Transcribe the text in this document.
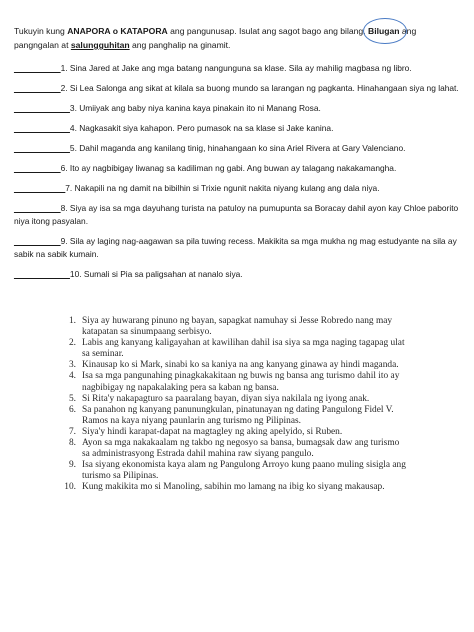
Tukuyin kung ANAPORA o KATAPORA ang pangunusap. Isulat ang sagot bago ang bilang. Bilugan ang
pangngalan at salungguhitan ang panghalip na ginamit.
__________1. Sina Jared at Jake ang mga batang nangunguna sa klase. Sila ay mahilig magbasa ng libro.
__________2. Si Lea Salonga ang sikat at kilala sa buong mundo sa larangan ng pagkanta. Hinahangaan siya ng lahat.
____________3. Umiiyak ang baby niya kanina kaya pinakain ito ni Manang Rosa.
____________4. Nagkasakit siya kahapon. Pero pumasok na sa klase si Jake kanina.
____________5. Dahil maganda ang kanilang tinig, hinahangaan ko sina Ariel Rivera at Gary Valenciano.
__________6. Ito ay nagbibigay liwanag sa kadiliman ng gabi. Ang buwan ay talagang nakakamangha.
___________7. Nakapili na ng damit na bibilhin si Trixie ngunit nakita niyang kulang ang dala niya.
__________8. Siya ay isa sa mga dayuhang turista na patuloy na pumupunta sa Boracay dahil ayon kay Chloe paborito niya itong pasyalan.
__________9. Sila ay laging nag-aagawan sa pila tuwing recess. Makikita sa mga mukha ng mag estudyante na sila ay sabik na sabik kumain.
____________10. Sumali si Pia sa paligsahan at nanalo siya.
1. Siya ay huwarang pinuno ng bayan, sapagkat namuhay si Jesse Robredo nang may
katapatan sa sinumpaang serbisyo.
2. Labis ang kanyang kaligayahan at kawilihan dahil isa siya sa mga naging tagapag ulat
sa seminar.
3. Kinausap ko si Mark, sinabi ko sa kaniya na ang kanyang ginawa ay hindi maganda.
4. Isa sa mga pangunahing pinagkakakitaan ng buwis ng bansa ang turismo dahil ito ay
nagbibigay ng napakalaking pera sa kaban ng bansa.
5. Si Rita'y nakapagturo sa paaralang bayan, diyan siya nakilala ng iyong anak.
6. Sa panahon ng kanyang panunungkulan, pinatunayan ng dating Pangulong Fidel V.
Ramos na kaya niyang paunlarin ang turismo ng Pilipinas.
7. Siya'y hindi karapat-dapat na magtagley ng aking apelyido, si Ruben.
8. Ayon sa mga nakakaalam ng takbo ng negosyo sa bansa, bumagsak daw ang turismo
sa administrasyong Estrada dahil mahina raw siyang pangulo.
9. Isa siyang ekonomista kaya alam ng Pangulong Arroyo kung paano muling sisigla ang
turismo sa Pilipinas.
10. Kung makikita mo si Manoling, sabihin mo lamang na ibig ko siyang makausap.
